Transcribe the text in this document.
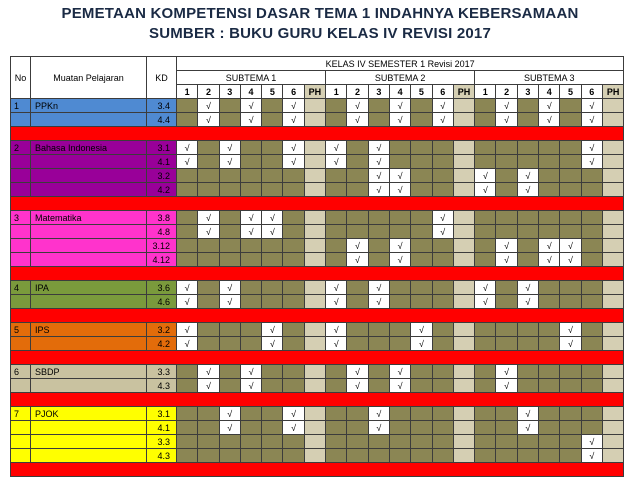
PEMETAAN KOMPETENSI DASAR TEMA 1 INDAHNYA KEBERSAMAAN
SUMBER : BUKU GURU KELAS IV REVISI 2017
No	Muatan Pelajaran	KD	KELAS IV SEMESTER 1 Revisi 2017																				
			SUBTEMA 1							SUBTEMA 2							SUBTEMA 3						
			1	2	3	4	5	6	PH	1	2	3	4	5	6	PH	1	2	3	4	5	6	PH
1	PPKn	3.4		√		√		√			√		√		√			√		√		√	
		4.4		√		√		√			√		√		√			√		√		√	

2	Bahasa Indonesia	3.1	√		√			√		√		√										√	
		4.1	√		√			√		√		√										√	
		3.2										√	√				√		√				
		4.2										√	√				√		√				

3	Matematika	3.8		√		√	√								√								
		4.8		√		√	√								√								
		3.12									√		√					√		√	√		
		4.12									√		√					√		√	√		

4	IPA	3.6	√		√					√		√					√		√				
		4.6	√		√					√		√					√		√				

5	IPS	3.2	√				√			√				√							√		
		4.2	√				√			√				√							√		

6	SBDP	3.3		√		√					√		√					√					
		4.3		√		√					√		√					√					

7	PJOK	3.1			√			√				√							√				
		4.1			√			√				√							√				
		3.3																				√	
		4.3																				√	
